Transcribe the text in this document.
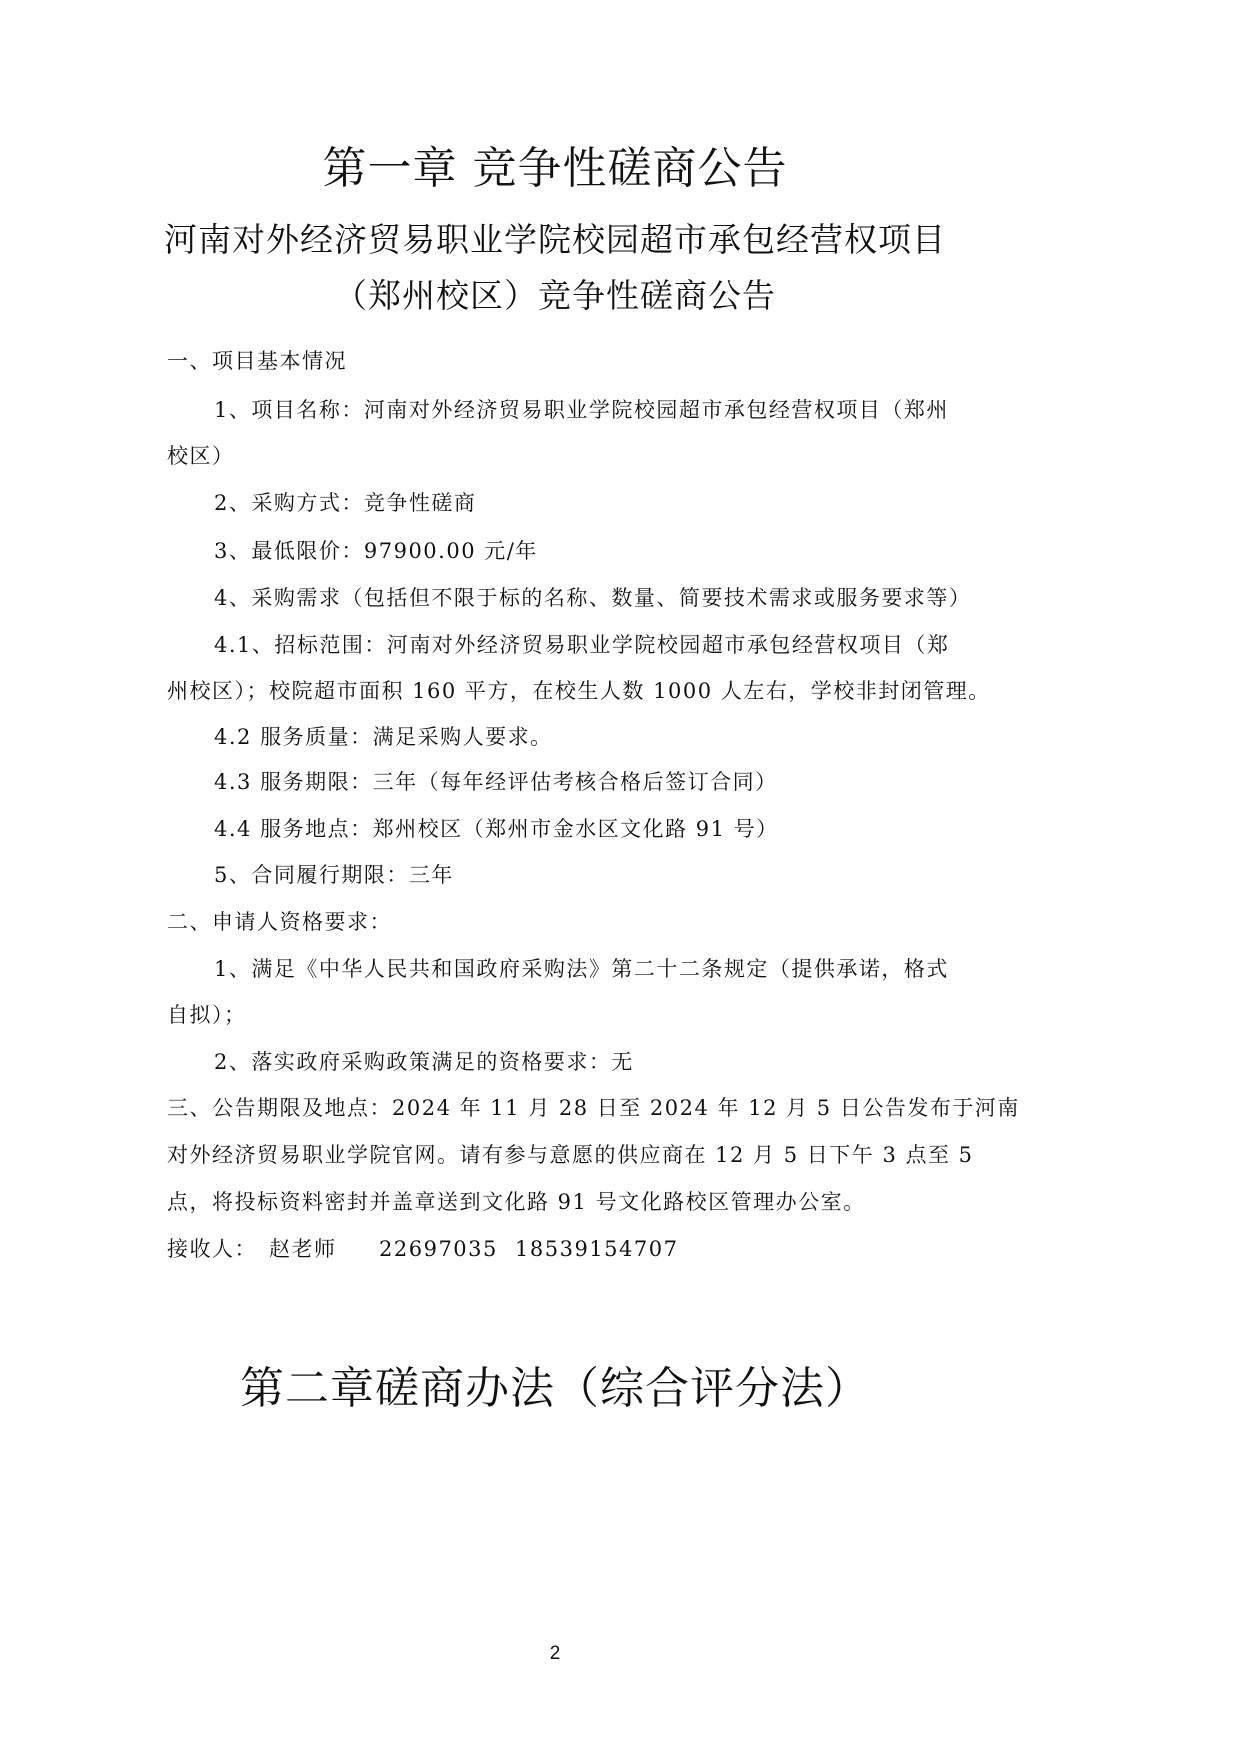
第一章 竞争性磋商公告
河南对外经济贸易职业学院校园超市承包经营权项目
（郑州校区）竞争性磋商公告
一、项目基本情况
1、项目名称：河南对外经济贸易职业学院校园超市承包经营权项目（郑州
校区）
2、采购方式：竞争性磋商
3、最低限价：97900.00 元/年
4、采购需求（包括但不限于标的名称、数量、简要技术需求或服务要求等）
4.1、招标范围：河南对外经济贸易职业学院校园超市承包经营权项目（郑
州校区）；校院超市面积 160 平方，在校生人数 1000 人左右，学校非封闭管理。
4.2 服务质量：满足采购人要求。
4.3 服务期限：三年（每年经评估考核合格后签订合同）
4.4 服务地点：郑州校区（郑州市金水区文化路 91 号）
5、合同履行期限：三年
二、申请人资格要求：
1、满足《中华人民共和国政府采购法》第二十二条规定（提供承诺，格式
自拟）；
2、落实政府采购政策满足的资格要求：无
三、公告期限及地点：2024 年 11 月 28 日至 2024 年 12 月 5 日公告发布于河南
对外经济贸易职业学院官网。请有参与意愿的供应商在 12 月 5 日下午 3 点至 5
点，将投标资料密封并盖章送到文化路 91 号文化路校区管理办公室。
接收人： 赵老师 22697035 18539154707
第二章磋商办法（综合评分法）
2
